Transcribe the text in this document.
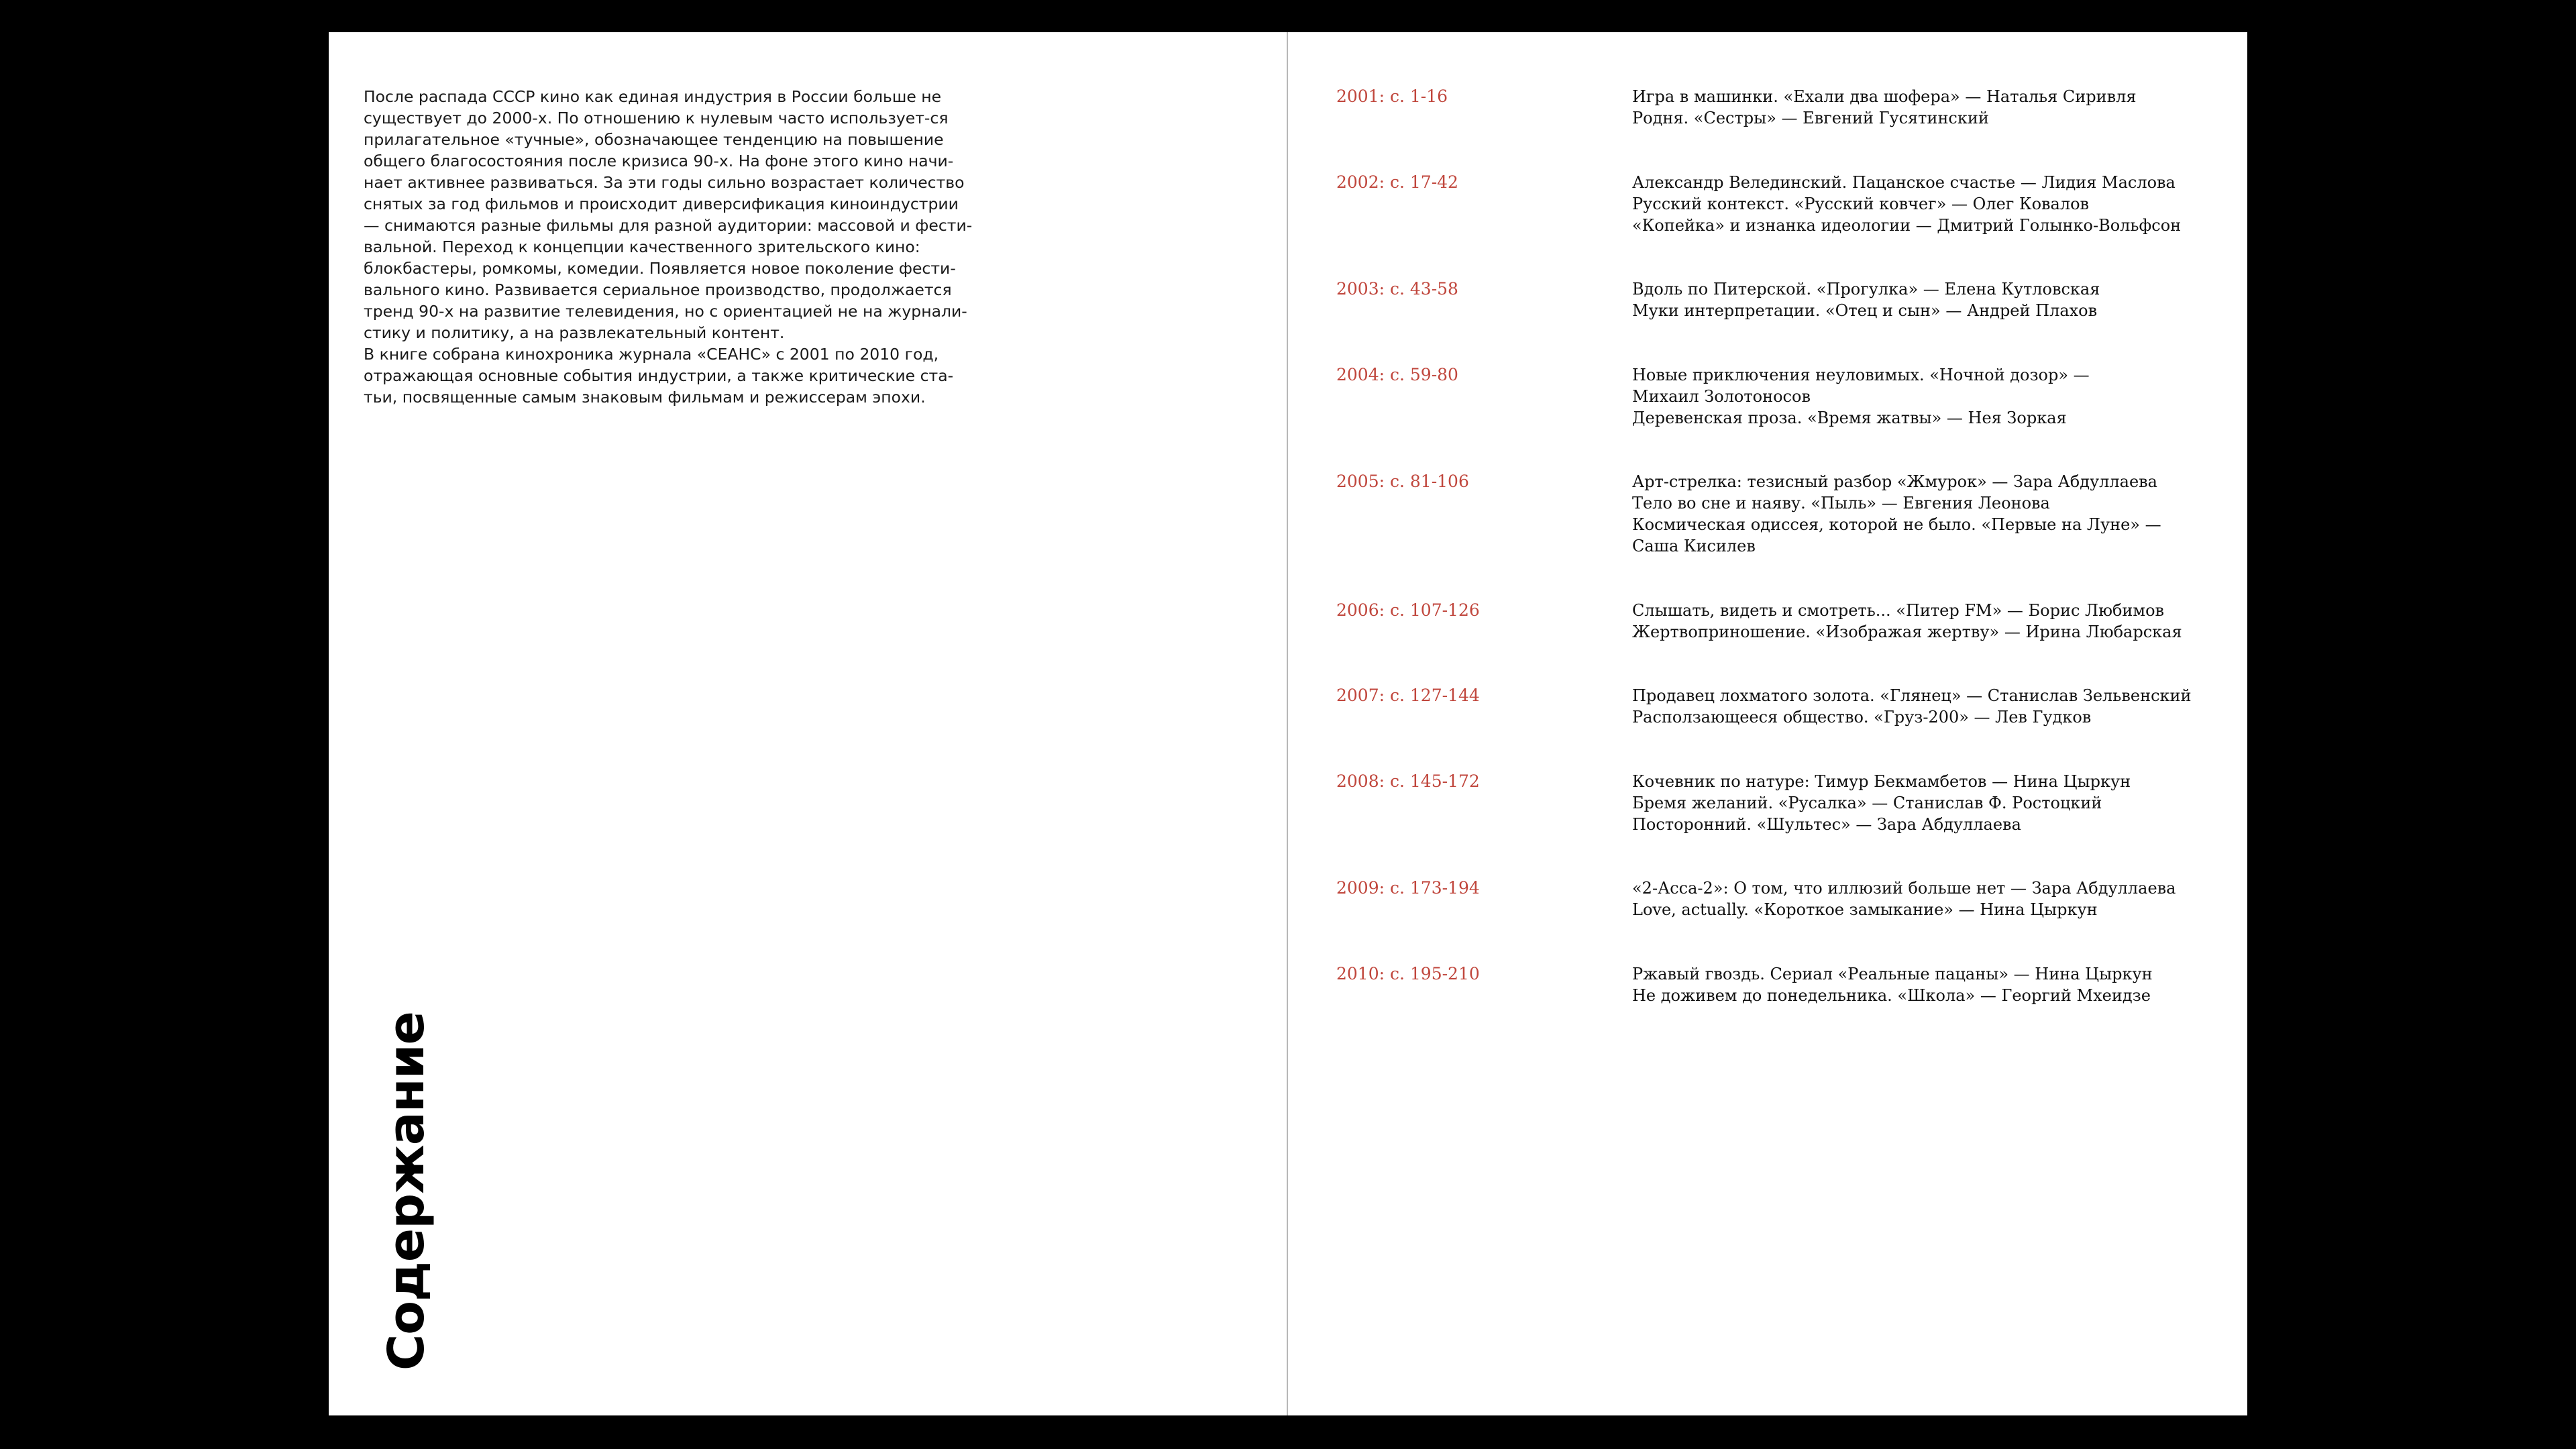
После распада СССР кино как единая индустрия в России больше не существует до 2000-х. По отношению к нулевым часто использует-ся прилагательное «тучные», обозначающее тенденцию на повышение общего благосостояния после кризиса 90-х. На фоне этого кино начи-нает активнее развиваться. За эти годы сильно возрастает количество снятых за год фильмов и происходит диверсификация киноиндустрии — снимаются разные фильмы для разной аудитории: массовой и фести-вальной. Переход к концепции качественного зрительского кино: блокбастеры, ромкомы, комедии. Появляется новое поколение фести-вального кино. Развивается сериальное производство, продолжается тренд 90-х на развитие телевидения, но с ориентацией не на журнали-стику и политику, а на развлекательный контент.

В книге собрана кинохроника журнала «СЕАНС» с 2001 по 2010 год, отражающая основные события индустрии, а также критические ста-тьи, посвященные самым знаковым фильмам и режиссерам эпохи.

Содержание
2001: с. 1-16	Игра в машинки. «Ехали два шофера» — Наталья Сиривля
Родня. «Сестры» — Евгений Гусятинский
2002: с. 17-42	Александр Велединский. Пацанское счастье — Лидия Маслова
Русский контекст. «Русский ковчег» — Олег Ковалов
«Копейка» и изнанка идеологии — Дмитрий Голынко-Вольфсон
2003: с. 43-58	Вдоль по Питерской. «Прогулка» — Елена Кутловская
Муки интерпретации. «Отец и сын» — Андрей Плахов
2004: с. 59-80	Новые приключения неуловимых. «Ночной дозор» —
Михаил Золотоносов
Деревенская проза. «Время жатвы» — Нея Зоркая
2005: с. 81-106	Арт-стрелка: тезисный разбор «Жмурок» — Зара Абдуллаева
Тело во сне и наяву. «Пыль» — Евгения Леонова
Космическая одиссея, которой не было. «Первые на Луне» —
Саша Кисилев
2006: с. 107-126	Слышать, видеть и смотреть... «Питер FM» — Борис Любимов
Жертвоприношение. «Изображая жертву» — Ирина Любарская
2007: с. 127-144	Продавец лохматого золота. «Глянец» — Станислав Зельвенский
Расползающееся общество. «Груз-200» — Лев Гудков
2008: с. 145-172	Кочевник по натуре: Тимур Бекмамбетов — Нина Цыркун
Бремя желаний. «Русалка» — Станислав Ф. Ростоцкий
Посторонний. «Шультес» — Зара Абдуллаева
2009: с. 173-194	«2-Асса-2»: О том, что иллюзий больше нет — Зара Абдуллаева
Love, actually. «Короткое замыкание» — Нина Цыркун
2010: с. 195-210	Ржавый гвоздь. Сериал «Реальные пацаны» — Нина Цыркун
Не доживем до понедельника. «Школа» — Георгий Мхеидзе
